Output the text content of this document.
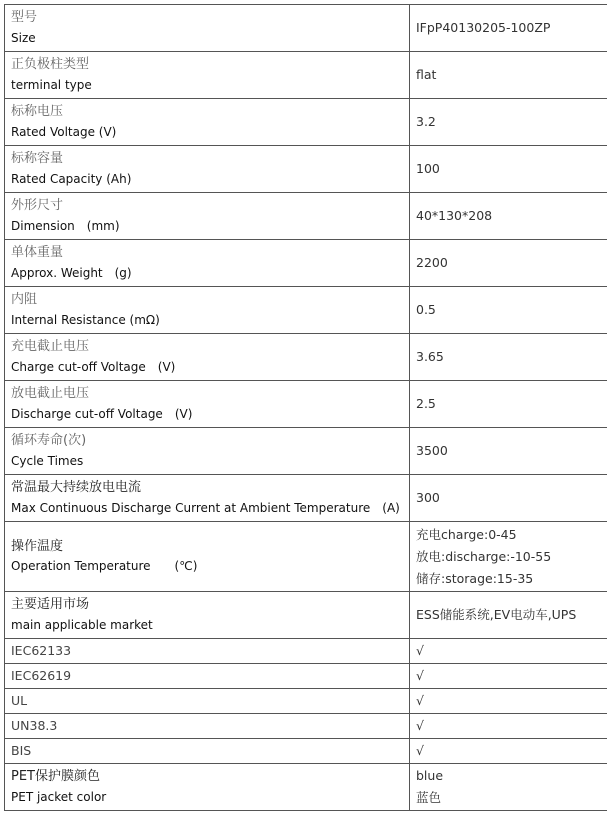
型号
Size	IFpP40130205-100ZP

正负极柱类型
terminal type	flat

标称电压
Rated Voltage (V)	3.2

标称容量
Rated Capacity (Ah)	100

外形尺寸
Dimension　(mm)	40*130*208

单体重量
Approx. Weight　(g)	2200

内阻
Internal Resistance (mΩ)	0.5

充电截止电压
Charge cut-off Voltage　(V)	3.65

放电截止电压
Discharge cut-off Voltage　(V)	2.5

循环寿命(次)
Cycle Times	3500

常温最大持续放电电流
Max Continuous Discharge Current at Ambient Temperature　(A)	300

操作温度
Operation Temperature　　(℃)	充电charge:0-45
放电:discharge:-10-55
储存:storage:15-35

主要适用市场
main applicable market	ESS储能系统,EV电动车,UPS
IEC62133	√
IEC62619	√
UL	√
UN38.3	√
BIS	√

PET保护膜颜色
PET jacket color	blue
蓝色
